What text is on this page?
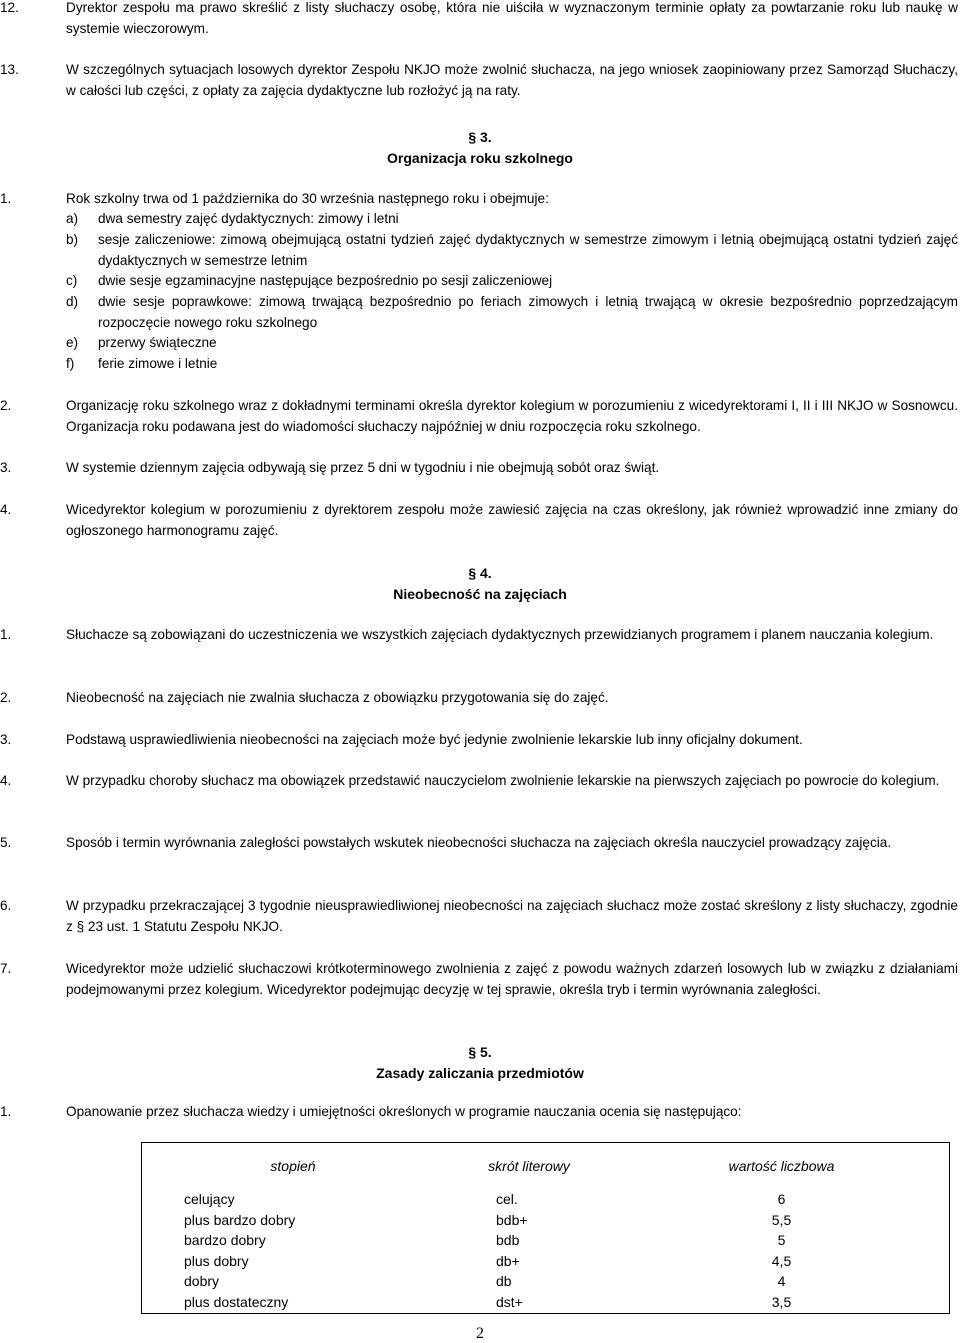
12.	Dyrektor zespołu ma prawo skreślić z listy słuchaczy osobę, która nie uiściła w wyznaczonym terminie opłaty za powtarzanie roku lub naukę w systemie wieczorowym.
13.	W szczególnych sytuacjach losowych dyrektor Zespołu NKJO może zwolnić słuchacza, na jego wniosek zaopiniowany przez Samorząd Słuchaczy, w całości lub części, z opłaty za zajęcia dydaktyczne lub rozłożyć ją na raty.
§ 3.
Organizacja roku szkolnego
1.	Rok szkolny trwa od 1 października do 30 września następnego roku i obejmuje:
a) dwa semestry zajęć dydaktycznych: zimowy i letni
b) sesje zaliczeniowe: zimową obejmującą ostatni tydzień zajęć dydaktycznych w semestrze zimowym i letnią obejmującą ostatni tydzień zajęć dydaktycznych w semestrze letnim
c) dwie sesje egzaminacyjne następujące bezpośrednio po sesji zaliczeniowej
d) dwie sesje poprawkowe: zimową trwającą bezpośrednio po feriach zimowych i letnią trwającą w okresie bezpośrednio poprzedzającym rozpoczęcie nowego roku szkolnego
e) przerwy świąteczne
f) ferie zimowe i letnie
2.	Organizację roku szkolnego wraz z dokładnymi terminami określa dyrektor kolegium w porozumieniu z wicedyrektorami I, II i III NKJO w Sosnowcu. Organizacja roku podawana jest do wiadomości słuchaczy najpóźniej w dniu rozpoczęcia roku szkolnego.
3.	W systemie dziennym zajęcia odbywają się przez 5 dni w tygodniu i nie obejmują sobót oraz świąt.
4.	Wicedyrektor kolegium w porozumieniu z dyrektorem zespołu może zawiesić zajęcia na czas określony, jak również wprowadzić inne zmiany do ogłoszonego harmonogramu zajęć.
§ 4.
Nieobecność na zajęciach
1.	Słuchacze są zobowiązani do uczestniczenia we wszystkich zajęciach dydaktycznych przewidzianych programem i planem nauczania kolegium.
2.	Nieobecność na zajęciach nie zwalnia słuchacza z obowiązku przygotowania się do zajęć.
3.	Podstawą usprawiedliwienia nieobecności na zajęciach może być jedynie zwolnienie lekarskie lub inny oficjalny dokument.
4.	W przypadku choroby słuchacz ma obowiązek przedstawić nauczycielom zwolnienie lekarskie na pierwszych zajęciach po powrocie do kolegium.
5.	Sposób i termin wyrównania zaległości powstałych wskutek nieobecności słuchacza na zajęciach określa nauczyciel prowadzący zajęcia.
6.	W przypadku przekraczającej 3 tygodnie nieusprawiedliwionej nieobecności na zajęciach słuchacz może zostać skreślony z listy słuchaczy, zgodnie z § 23 ust. 1 Statutu Zespołu NKJO.
7.	Wicedyrektor może udzielić słuchaczowi krótkoterminowego zwolnienia z zajęć z powodu ważnych zdarzeń losowych lub w związku z działaniami podejmowanymi przez kolegium. Wicedyrektor podejmując decyzję w tej sprawie, określa tryb i termin wyrównania zaległości.
§ 5.
Zasady zaliczania przedmiotów
1.	Opanowanie przez słuchacza wiedzy i umiejętności określonych w programie nauczania ocenia się następująco:
stopień	skrót literowy	wartość liczbowa
celujący	cel.	6
plus bardzo dobry	bdb+	5,5
bardzo dobry	bdb	5
plus dobry	db+	4,5
dobry	db	4
plus dostateczny	dst+	3,5
2
